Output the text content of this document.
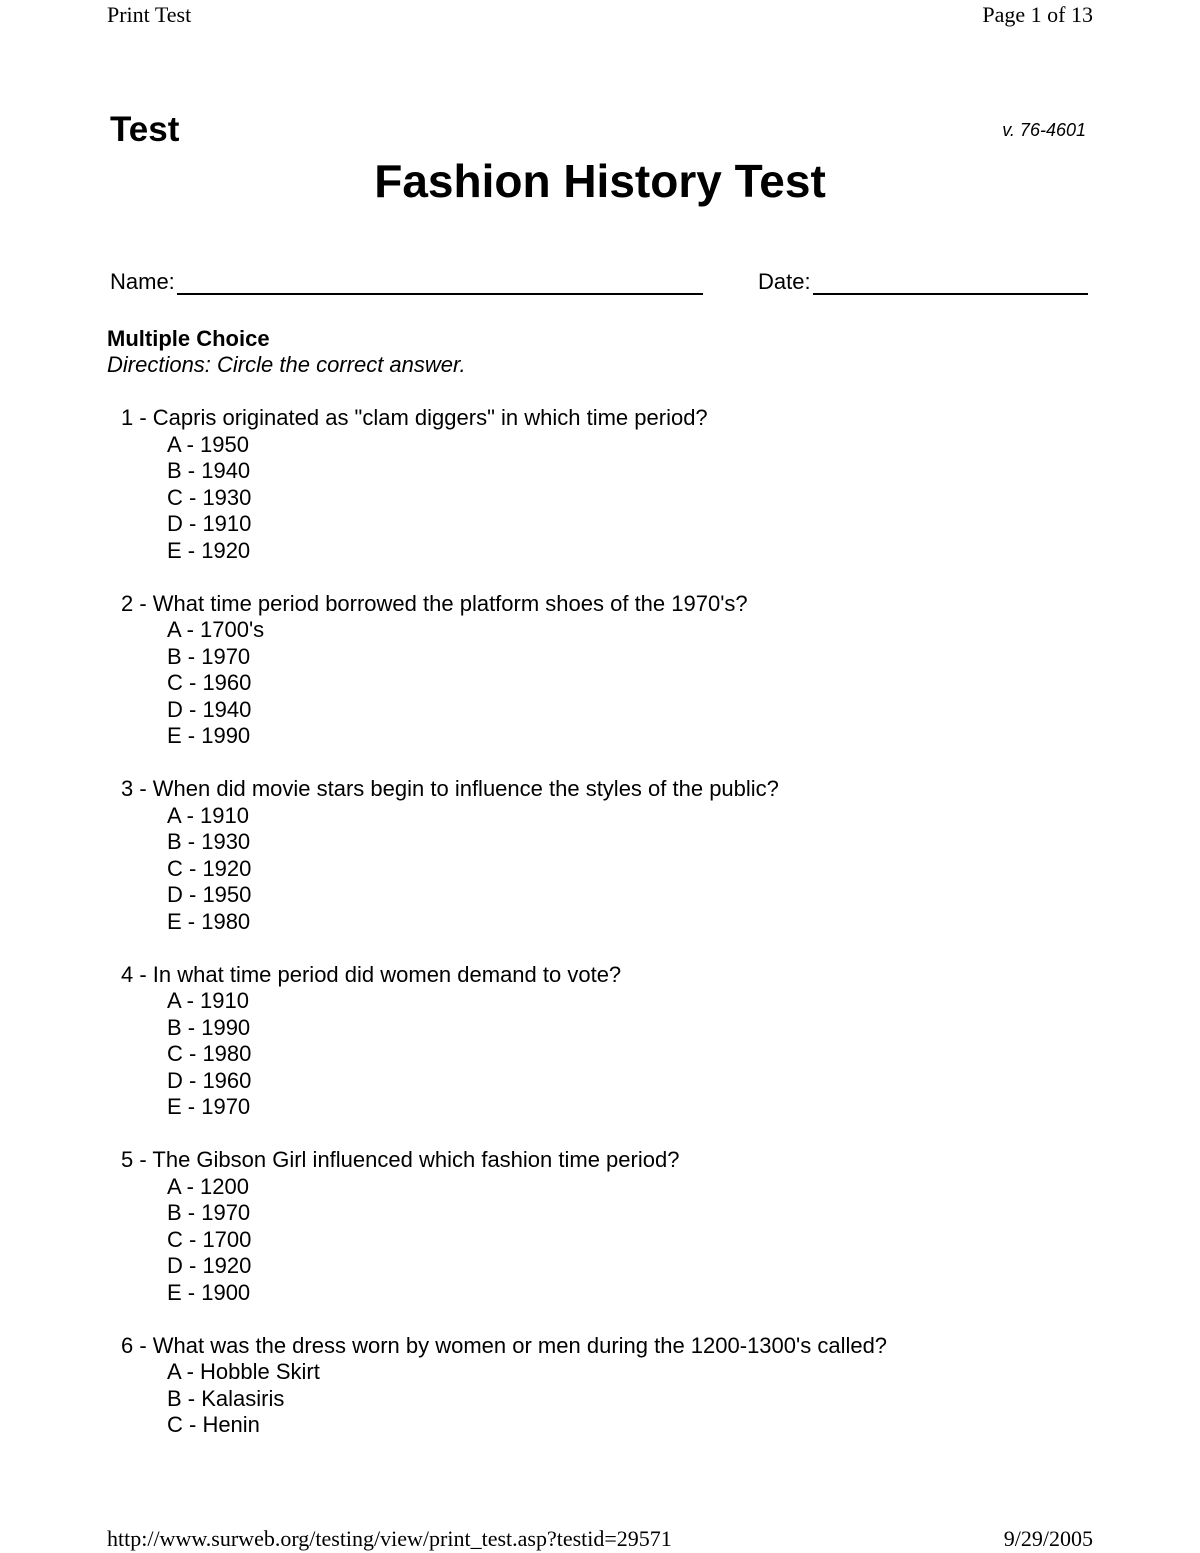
Print Test	Page 1 of 13
Test	v. 76-4601
Fashion History Test
Name:	Date:
Multiple Choice
Directions: Circle the correct answer.
1 - Capris originated as "clam diggers" in which time period?
A - 1950
B - 1940
C - 1930
D - 1910
E - 1920
2 - What time period borrowed the platform shoes of the 1970's?
A - 1700's
B - 1970
C - 1960
D - 1940
E - 1990
3 - When did movie stars begin to influence the styles of the public?
A - 1910
B - 1930
C - 1920
D - 1950
E - 1980
4 - In what time period did women demand to vote?
A - 1910
B - 1990
C - 1980
D - 1960
E - 1970
5 - The Gibson Girl influenced which fashion time period?
A - 1200
B - 1970
C - 1700
D - 1920
E - 1900
6 - What was the dress worn by women or men during the 1200-1300's called?
A - Hobble Skirt
B - Kalasiris
C - Henin
http://www.surweb.org/testing/view/print_test.asp?testid=29571	9/29/2005
